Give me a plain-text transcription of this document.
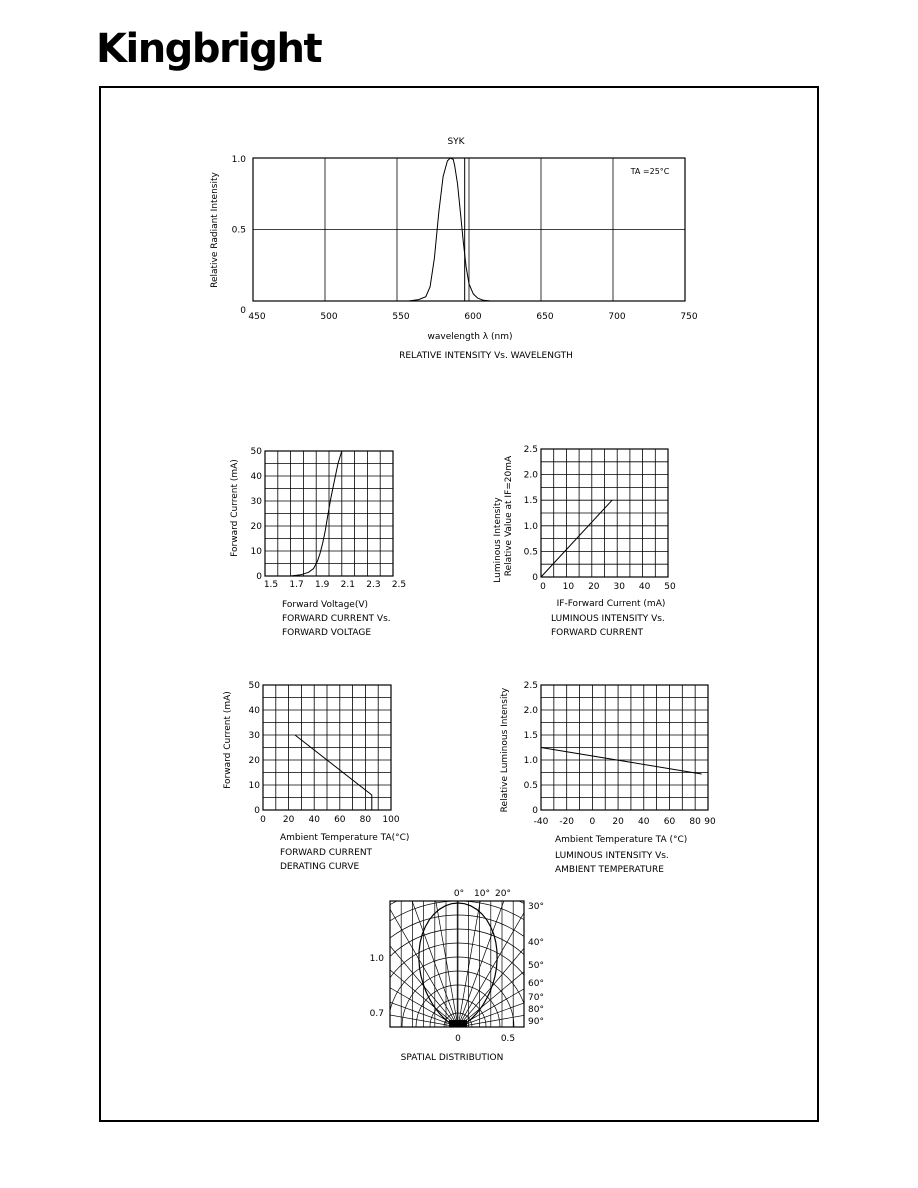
Kingbright
SYK
450	500	550	600	650	700	750
0
0.5
1.0
Relative Radiant Intensity
wavelength λ (nm)
TA =25°C
RELATIVE INTENSITY Vs. WAVELENGTH
1.5 1.7 1.9 2.1 2.3 2.5
0
10
20
30
40
50
Forward Current (mA)
Forward Voltage(V)
FORWARD CURRENT Vs.
FORWARD VOLTAGE
0 10 20 30 40 50
0
0.5
1.0
1.5
2.0
2.5
Luminous Intensity Relative Value at IF=20mA
IF-Forward Current (mA)
LUMINOUS INTENSITY Vs.
FORWARD CURRENT
0 20 40 60 80 100
0
10
20
30
40
50
Forward Current (mA)
Ambient Temperature TA(°C)
FORWARD CURRENT
DERATING CURVE
-40 -20 0 20 40 60 80 90
0
0.5
1.0
1.5
2.0
2.5
Relative Luminous Intensity
Ambient Temperature TA (°C)
LUMINOUS INTENSITY Vs.
AMBIENT TEMPERATURE
0° 10° 20°
30°
40°
50°
60°
70°
80°
90°
1.0
0.7
0	0.5
SPATIAL DISTRIBUTION
